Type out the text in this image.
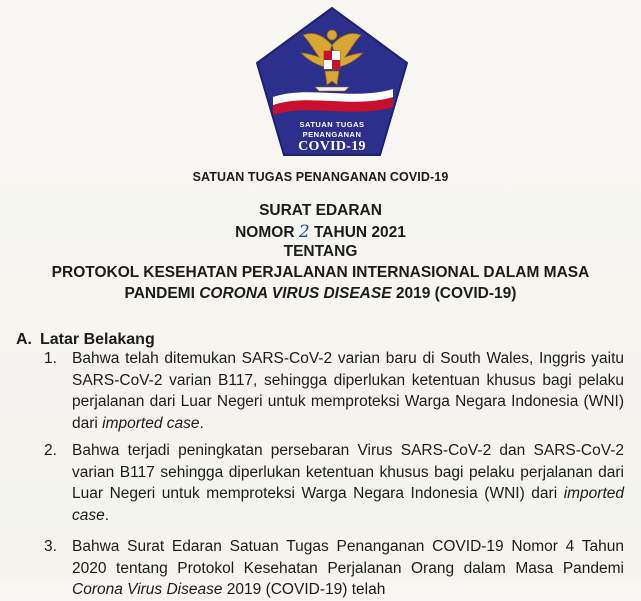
SATUAN TUGAS
PENANGANAN
COVID-19
SATUAN TUGAS PENANGANAN COVID-19
SURAT EDARAN
NOMOR 2 TAHUN 2021
TENTANG
PROTOKOL KESEHATAN PERJALANAN INTERNASIONAL DALAM MASA
PANDEMI CORONA VIRUS DISEASE 2019 (COVID-19)
A. Latar Belakang
1. Bahwa telah ditemukan SARS-CoV-2 varian baru di South Wales, Inggris yaitu SARS-CoV-2 varian B117, sehingga diperlukan ketentuan khusus bagi pelaku perjalanan dari Luar Negeri untuk memproteksi Warga Negara Indonesia (WNI) dari imported case.
2. Bahwa terjadi peningkatan persebaran Virus SARS-CoV-2 dan SARS-CoV-2 varian B117 sehingga diperlukan ketentuan khusus bagi pelaku perjalanan dari Luar Negeri untuk memproteksi Warga Negara Indonesia (WNI) dari imported case.
3. Bahwa Surat Edaran Satuan Tugas Penanganan COVID-19 Nomor 4 Tahun 2020 tentang Protokol Kesehatan Perjalanan Orang dalam Masa Pandemi Corona Virus Disease 2019 (COVID-19) telah
